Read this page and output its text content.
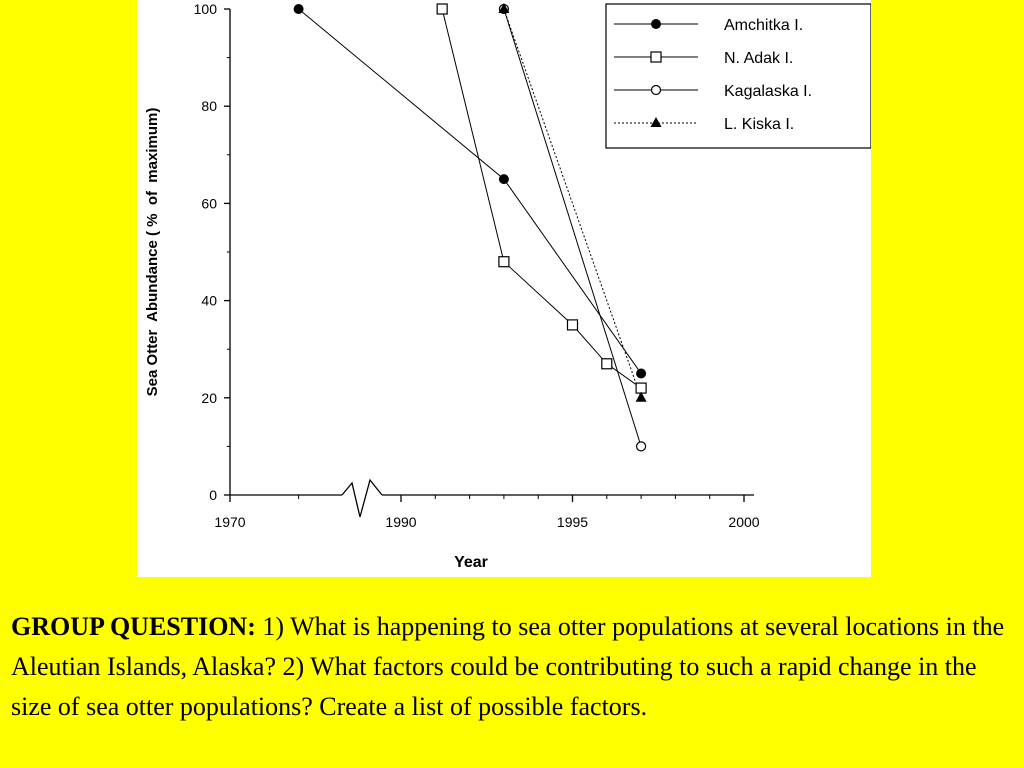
0
20
40
60
80
100
1970	1990	1995	2000
Year
Sea Otter  Abundance ( %  of  maximum)
Amchitka I.
N. Adak I.
Kagalaska I.
L. Kiska I.

GROUP QUESTION: 1) What is happening to sea otter populations at several locations in the Aleutian Islands, Alaska? 2) What factors could be contributing to such a rapid change in the size of sea otter populations? Create a list of possible factors.
